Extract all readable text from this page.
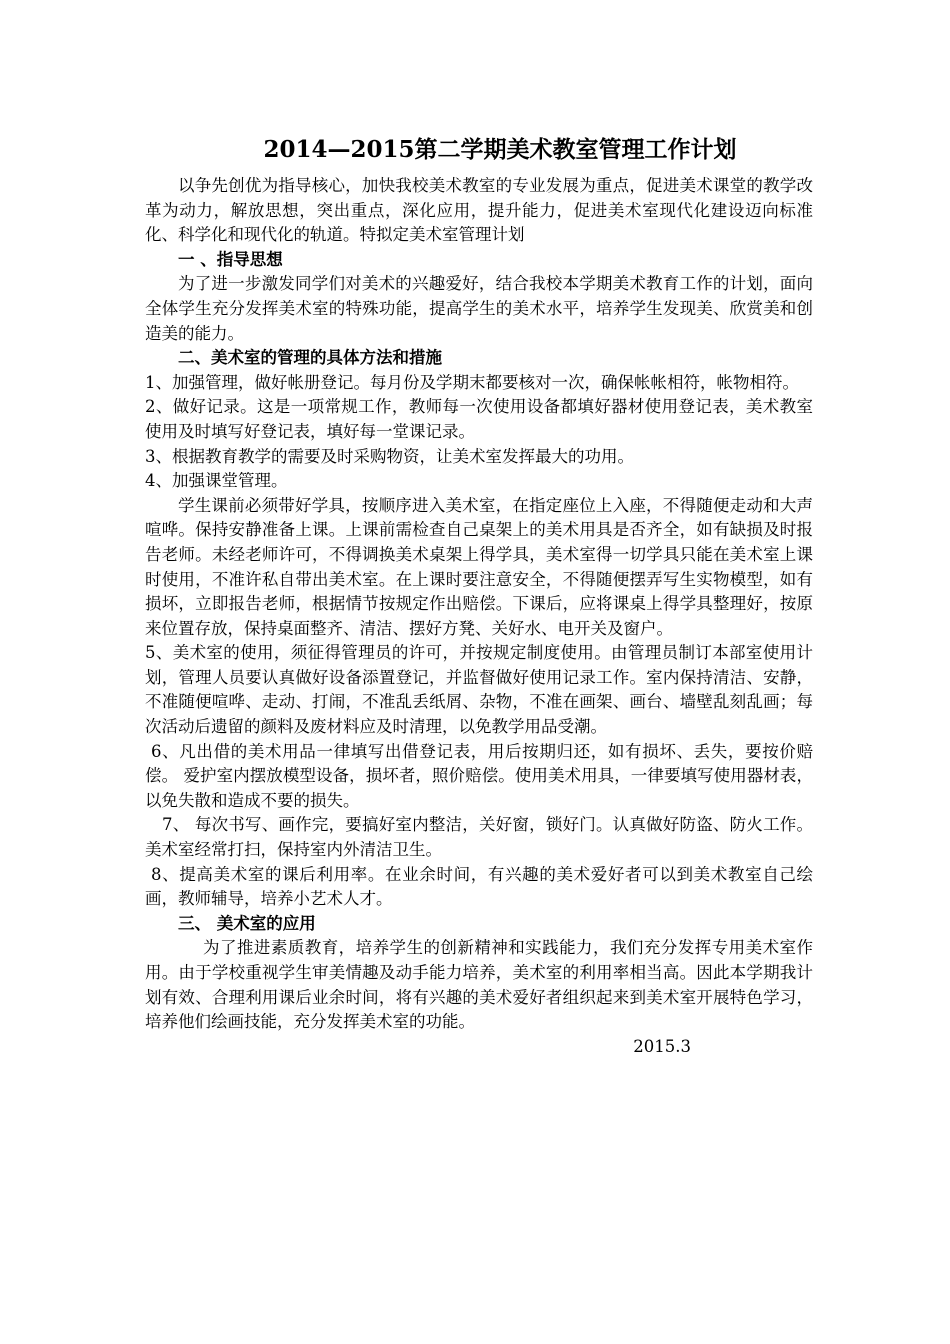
2014—2015第二学期美术教室管理工作计划

以争先创优为指导核心，加快我校美术教室的专业发展为重点，促进美术课堂的教学改革为动力，解放思想，突出重点，深化应用，提升能力，促进美术室现代化建设迈向标准化、科学化和现代化的轨道。特拟定美术室管理计划

一 、指导思想

为了进一步激发同学们对美术的兴趣爱好，结合我校本学期美术教育工作的计划，面向全体学生充分发挥美术室的特殊功能，提高学生的美术水平，培养学生发现美、欣赏美和创造美的能力。

二、美术室的管理的具体方法和措施

1、加强管理，做好帐册登记。每月份及学期末都要核对一次，确保帐帐相符，帐物相符。

2、做好记录。这是一项常规工作，教师每一次使用设备都填好器材使用登记表，美术教室使用及时填写好登记表，填好每一堂课记录。

3、根据教育教学的需要及时采购物资，让美术室发挥最大的功用。

4、加强课堂管理。

学生课前必须带好学具，按顺序进入美术室，在指定座位上入座，不得随便走动和大声喧哗。保持安静准备上课。上课前需检查自己桌架上的美术用具是否齐全，如有缺损及时报告老师。未经老师许可，不得调换美术桌架上得学具，美术室得一切学具只能在美术室上课时使用，不准许私自带出美术室。在上课时要注意安全，不得随便摆弄写生实物模型，如有损坏，立即报告老师，根据情节按规定作出赔偿。下课后，应将课桌上得学具整理好，按原来位置存放，保持桌面整齐、清洁、摆好方凳、关好水、电开关及窗户。

5、美术室的使用，须征得管理员的许可，并按规定制度使用。由管理员制订本部室使用计划，管理人员要认真做好设备添置登记，并监督做好使用记录工作。室内保持清洁、安静，不准随便喧哗、走动、打闹，不准乱丢纸屑、杂物，不准在画架、画台、墙壁乱刻乱画；每次活动后遗留的颜料及废材料应及时清理，以免教学用品受潮。

6、凡出借的美术用品一律填写出借登记表，用后按期归还，如有损坏、丢失，要按价赔偿。 爱护室内摆放模型设备，损坏者，照价赔偿。使用美术用具，一律要填写使用器材表，以免失散和造成不要的损失。

7、 每次书写、画作完，要搞好室内整洁，关好窗，锁好门。认真做好防盗、防火工作。美术室经常打扫，保持室内外清洁卫生。

8、提高美术室的课后利用率。在业余时间，有兴趣的美术爱好者可以到美术教室自己绘画，教师辅导，培养小艺术人才。

三、 美术室的应用

为了推进素质教育，培养学生的创新精神和实践能力，我们充分发挥专用美术室作用。由于学校重视学生审美情趣及动手能力培养，美术室的利用率相当高。因此本学期我计划有效、合理利用课后业余时间，将有兴趣的美术爱好者组织起来到美术室开展特色学习，培养他们绘画技能，充分发挥美术室的功能。

2015.3
